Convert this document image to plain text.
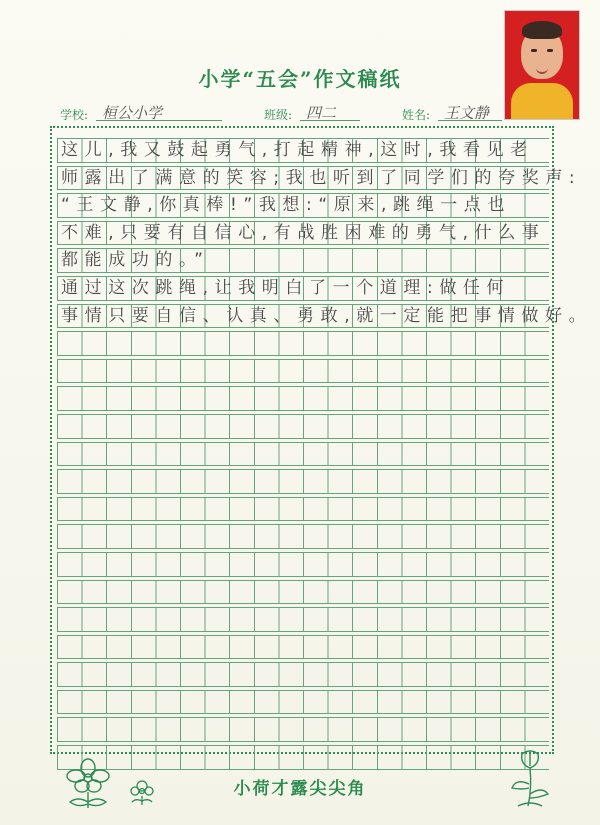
小学“五会”作文稿纸
学校: 桓公小学	班级: 四二	姓名: 王文静
这儿,我又鼓起勇气,打起精神,这时,我看见老
师露出了满意的笑容;我也听到了同学们的夸奖声:
“王文静,你真棒!”我想:“原来,跳绳一点也
不难,只要有自信心,有战胜困难的勇气,什么事
都能成功的。”
通过这次跳绳,让我明白了一个道理:做任何
事情只要自信、认真、勇敢,就一定能把事情做好。
小荷才露尖尖角
